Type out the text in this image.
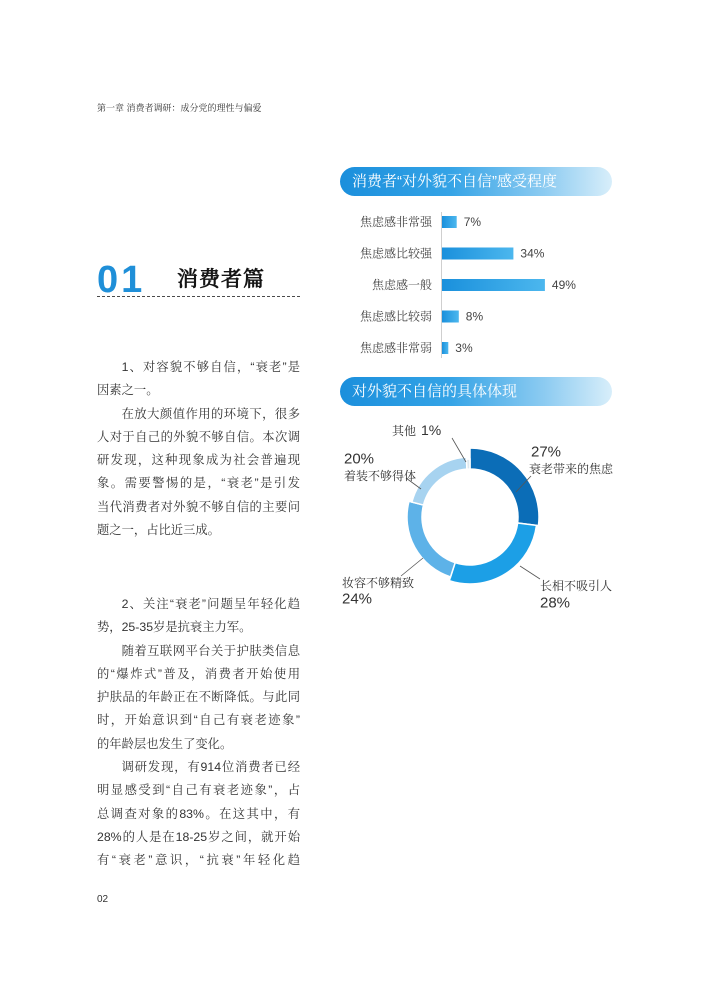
第一章 消费者调研：成分党的理性与偏爱
01 消费者篇

1、对容貌不够自信，“衰老”是
因素之一。

在放大颜值作用的环境下，很多
人对于自己的外貌不够自信。本次调
研发现，这种现象成为社会普遍现
象。需要警惕的是，“衰老”是引发
当代消费者对外貌不够自信的主要问
题之一，占比近三成。

2、关注“衰老”问题呈年轻化趋
势，25-35岁是抗衰主力军。

随着互联网平台关于护肤类信息
的“爆炸式”普及，消费者开始使用
护肤品的年龄正在不断降低。与此同
时，开始意识到“自己有衰老迹象”
的年龄层也发生了变化。

调研发现，有914位消费者已经
明显感受到“自己有衰老迹象”，占
总调查对象的83%。在这其中，有
28%的人是在18-25岁之间，就开始
有“衰老”意识，“抗衰”年轻化趋

02
消费者“对外貌不自信”感受程度
焦虑感非常强	7%
焦虑感比较强	34%
焦虑感一般	49%
焦虑感比较弱	8%
焦虑感非常弱 3%
对外貌不自信的具体体现
衰老带来的焦虑
27%
长相不吸引人
28%
妆容不够精致
24%
着装不够得体
20%
其他 1%
